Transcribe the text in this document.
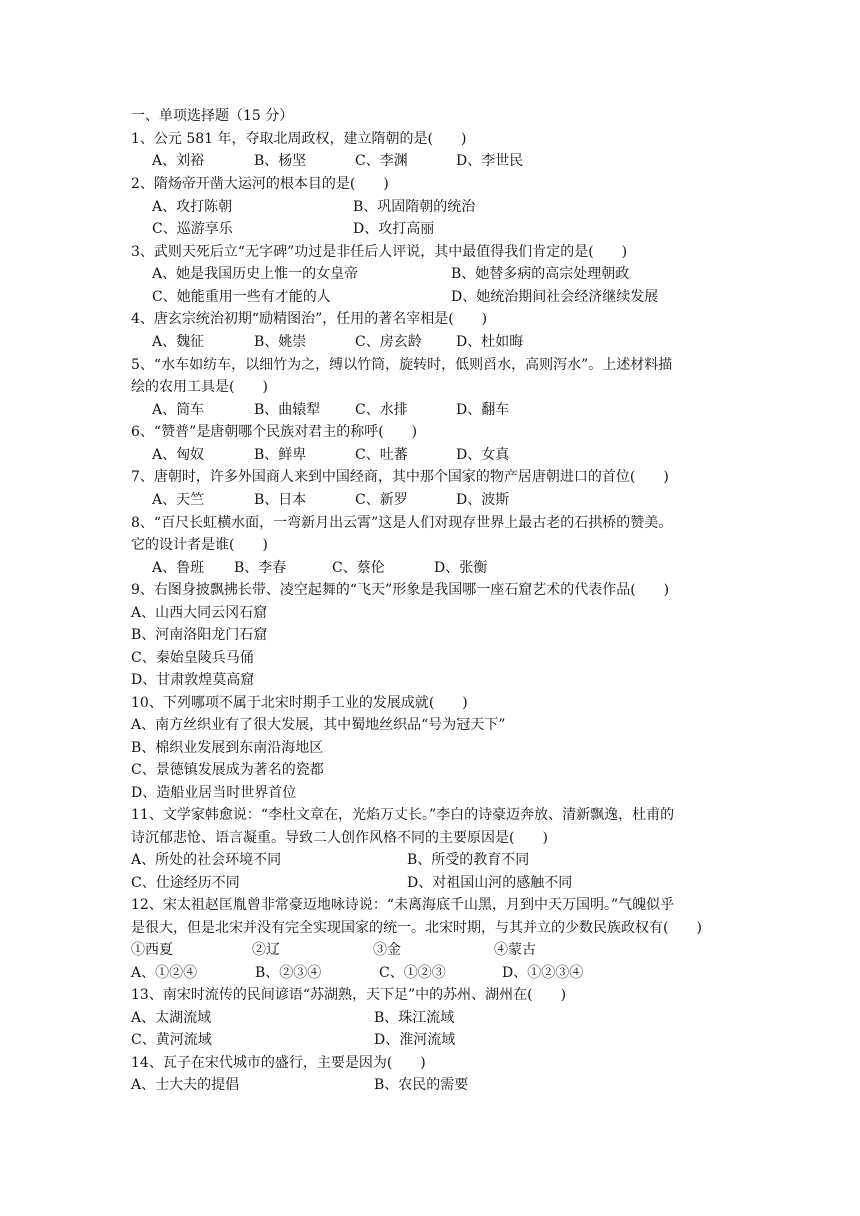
一、单项选择题（15 分）
1、公元 581 年，夺取北周政权，建立隋朝的是(　　)
A、刘裕	B、杨坚	C、李渊	D、李世民
2、隋炀帝开凿大运河的根本目的是(　　)
A、攻打陈朝	B、巩固隋朝的统治
C、巡游享乐	D、攻打高丽
3、武则天死后立“无字碑”功过是非任后人评说，其中最值得我们肯定的是(　　)
A、她是我国历史上惟一的女皇帝	B、她替多病的高宗处理朝政
C、她能重用一些有才能的人	D、她统治期间社会经济继续发展
4、唐玄宗统治初期“励精图治”，任用的著名宰相是(　　)
A、魏征	B、姚崇	C、房玄龄 D、杜如晦
5、“水车如纺车，以细竹为之，缚以竹筒，旋转时，低则舀水，高则泻水”。上述材料描
绘的农用工具是(　　)
A、筒车	B、曲辕犁 C、水排	D、翻车
6、“赞普”是唐朝哪个民族对君主的称呼(　　)
A、匈奴	B、鲜卑	C、吐蕃	D、女真
7、唐朝时，许多外国商人来到中国经商，其中那个国家的物产居唐朝进口的首位(　　)
A、天竺	B、日本	C、新罗	D、波斯
8、“百尺长虹横水面，一弯新月出云霄”这是人们对现存世界上最古老的石拱桥的赞美。
它的设计者是谁(　　)
A、鲁班 B、李春	C、蔡伦	D、张衡
9、右图身披飘拂长带、凌空起舞的“飞天”形象是我国哪一座石窟艺术的代表作品(　　)
A、山西大同云冈石窟
B、河南洛阳龙门石窟
C、秦始皇陵兵马俑
D、甘肃敦煌莫高窟
10、下列哪项不属于北宋时期手工业的发展成就(　　)
A、南方丝织业有了很大发展，其中蜀地丝织品“号为冠天下”
B、棉织业发展到东南沿海地区
C、景德镇发展成为著名的瓷都
D、造船业居当时世界首位
11、文学家韩愈说：“李杜文章在，光焰万丈长。”李白的诗豪迈奔放、清新飘逸，杜甫的
诗沉郁悲怆、语言凝重。导致二人创作风格不同的主要原因是(　　)
A、所处的社会环境不同	B、所受的教育不同
C、仕途经历不同	D、对祖国山河的感触不同
12、宋太祖赵匡胤曾非常豪迈地咏诗说：“未离海底千山黑，月到中天万国明。”气魄似乎
是很大，但是北宋并没有完全实现国家的统一。北宋时期，与其并立的少数民族政权有(　　)
①西夏	②辽	③金	④蒙古
A、①②④	B、②③④	C、①②③	D、①②③④
13、南宋时流传的民间谚语“苏湖熟，天下足”中的苏州、湖州在(　　)
A、太湖流域	B、珠江流域
C、黄河流域	D、淮河流域
14、瓦子在宋代城市的盛行，主要是因为(　　)
A、士大夫的提倡	B、农民的需要
